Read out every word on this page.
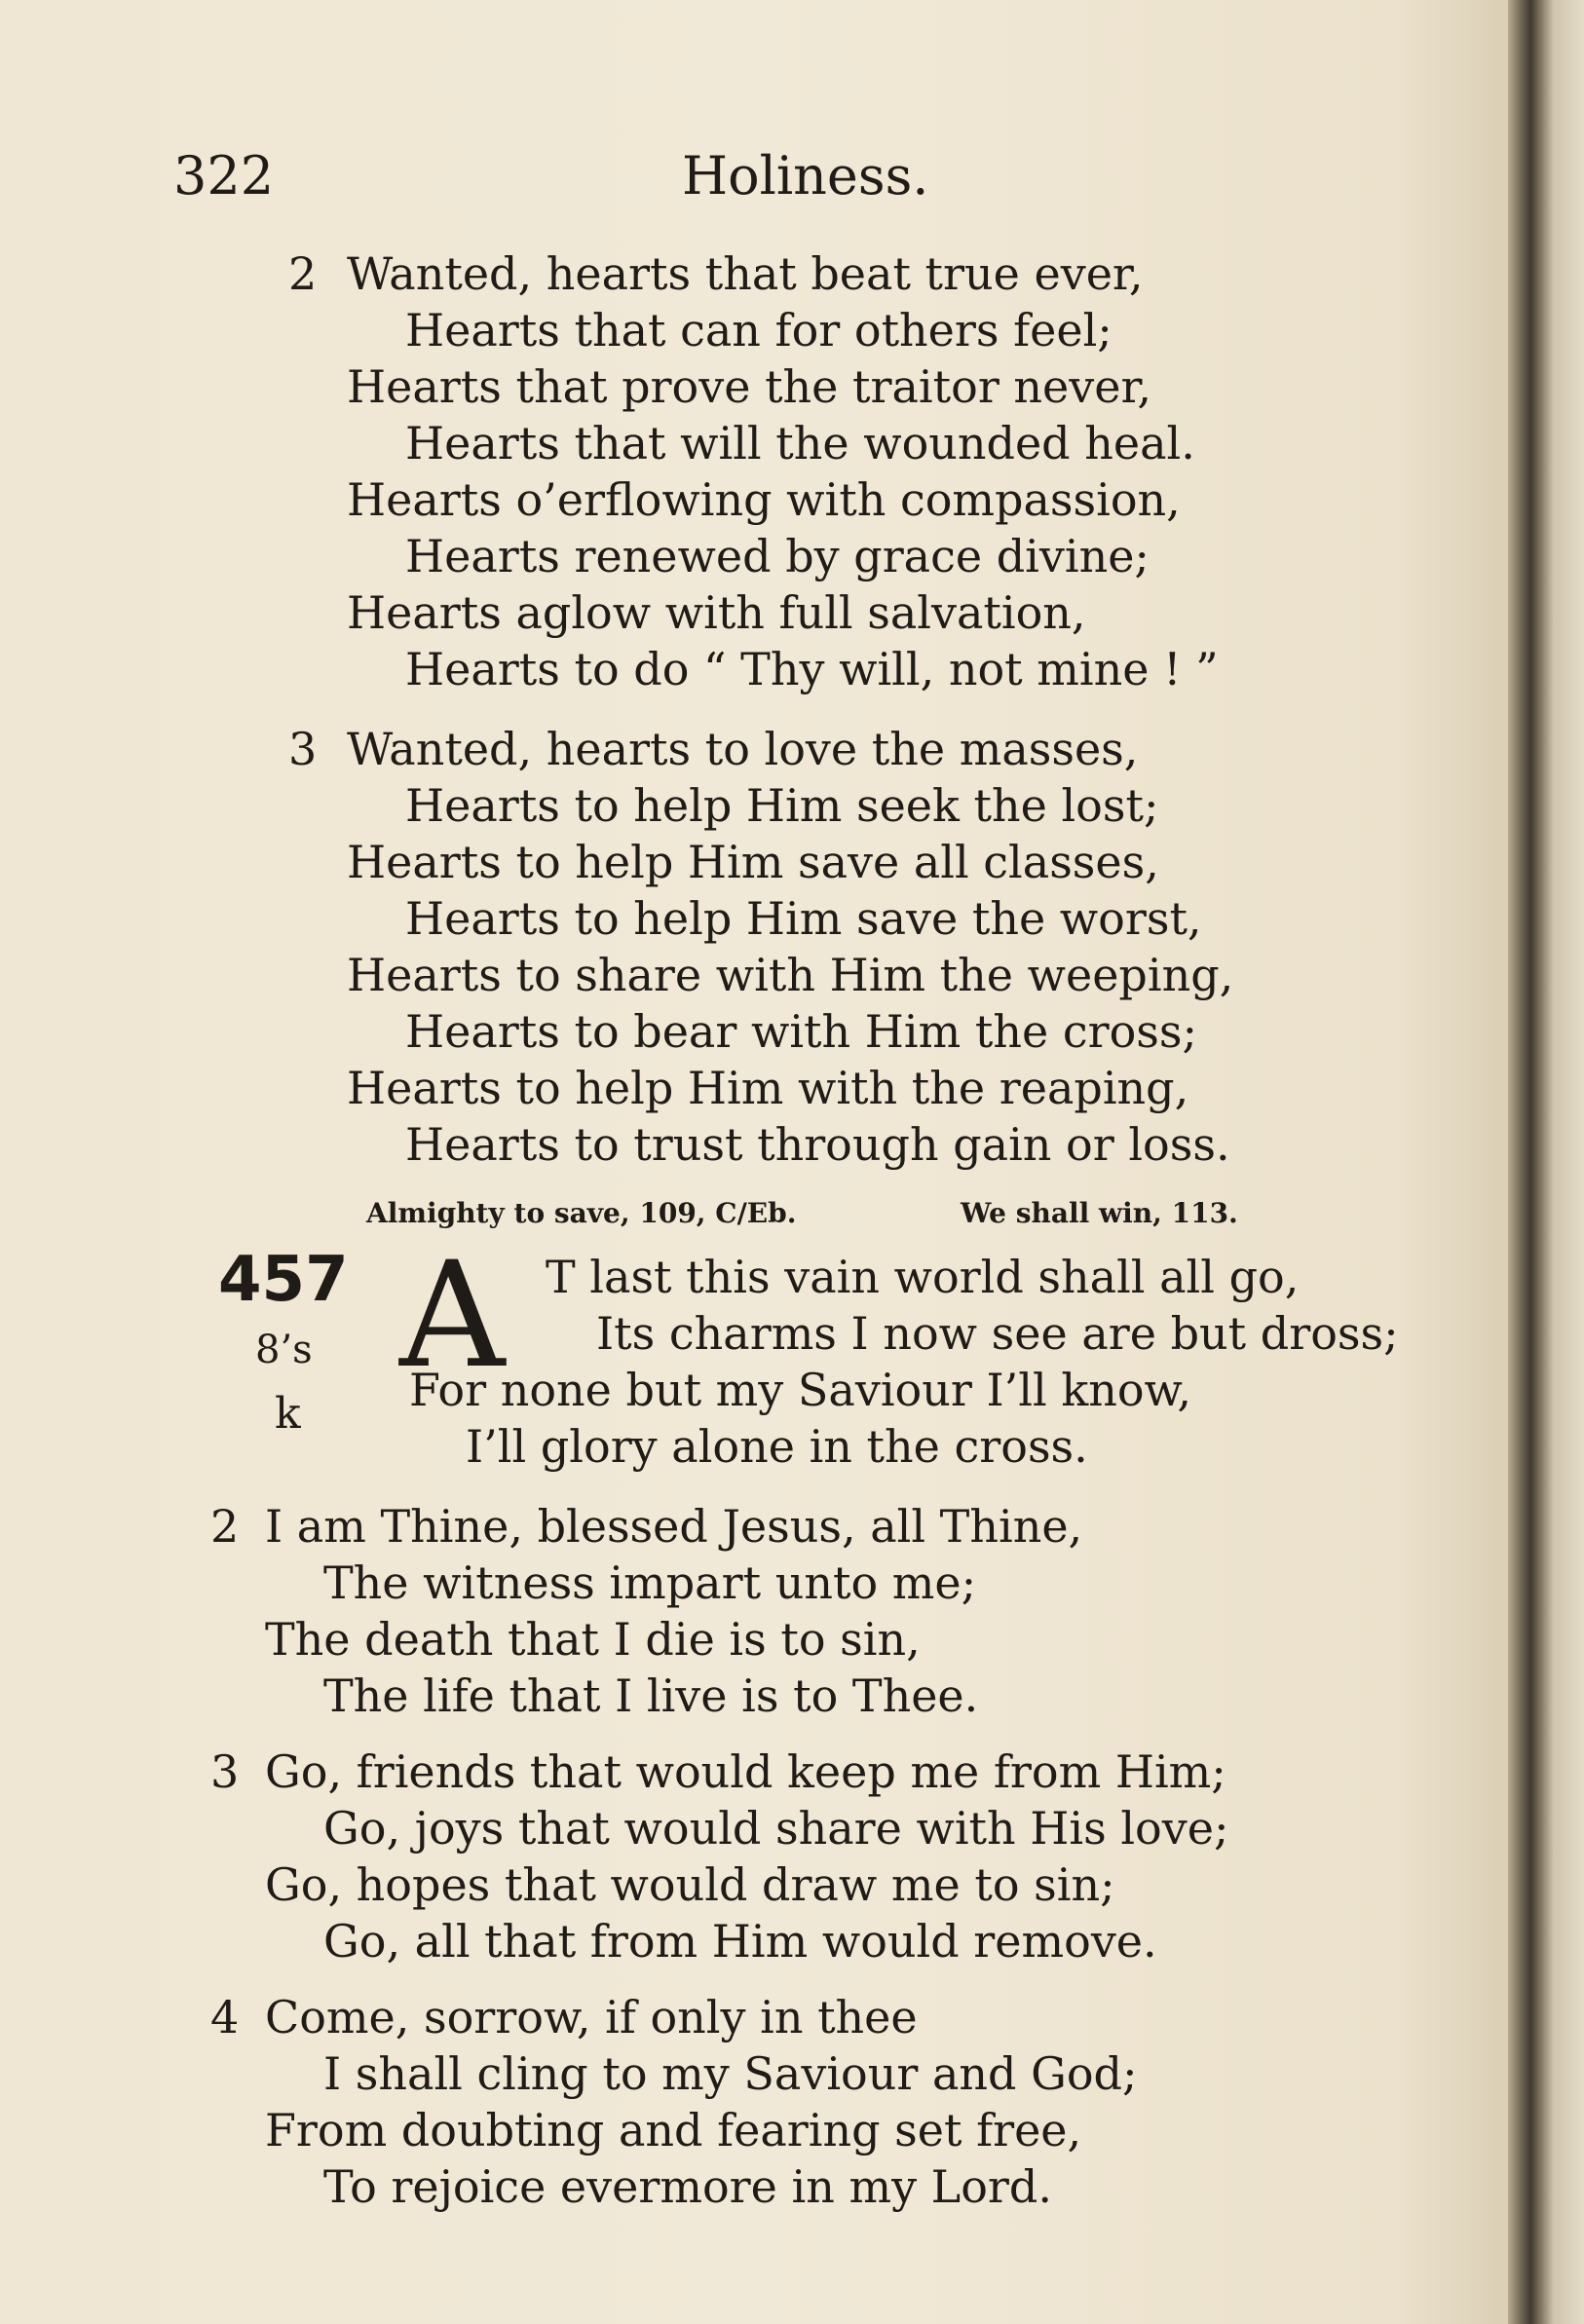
322	Holiness.
2 Wanted, hearts that beat true ever,
Hearts that can for others feel;
Hearts that prove the traitor never,
Hearts that will the wounded heal.
Hearts o’erflowing with compassion,
Hearts renewed by grace divine;
Hearts aglow with full salvation,
Hearts to do “ Thy will, not mine ! ”
3 Wanted, hearts to love the masses,
Hearts to help Him seek the lost;
Hearts to help Him save all classes,
Hearts to help Him save the worst,
Hearts to share with Him the weeping,
Hearts to bear with Him the cross;
Hearts to help Him with the reaping,
Hearts to trust through gain or loss.
Almighty to save, 109, C/Eb.	We shall win, 113.
457
8’s
k
A T last this vain world shall all go,
Its charms I now see are but dross;
For none but my Saviour I’ll know,
I’ll glory alone in the cross.
2 I am Thine, blessed Jesus, all Thine,
The witness impart unto me;
The death that I die is to sin,
The life that I live is to Thee.
3 Go, friends that would keep me from Him;
Go, joys that would share with His love;
Go, hopes that would draw me to sin;
Go, all that from Him would remove.
4 Come, sorrow, if only in thee
I shall cling to my Saviour and God;
From doubting and fearing set free,
To rejoice evermore in my Lord.
